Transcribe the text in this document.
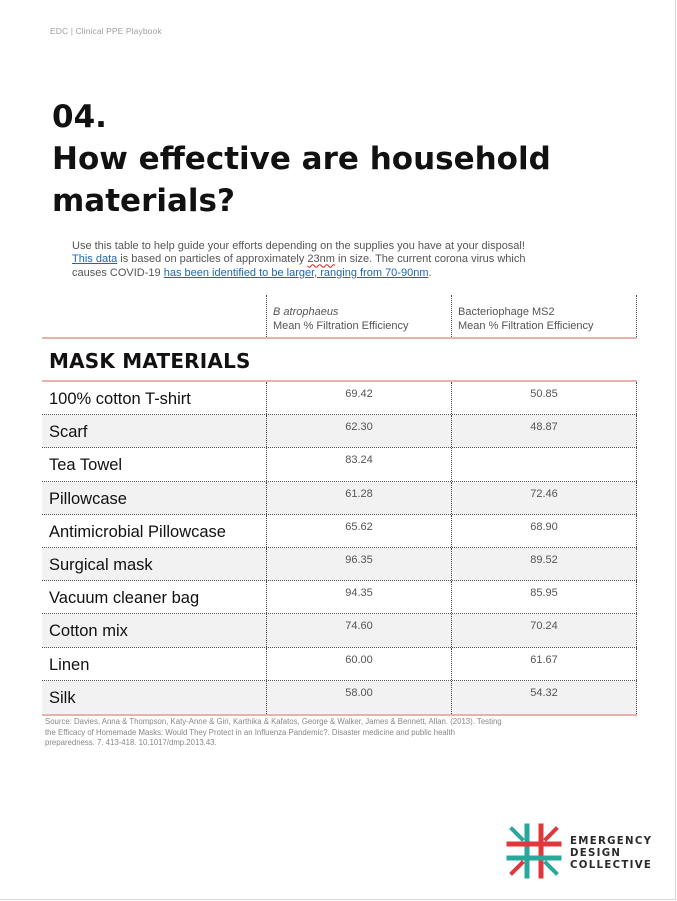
EDC | Clinical PPE Playbook
04.
How effective are household
materials?
Use this table to help guide your efforts depending on the supplies you have at your disposal!
This data is based on particles of approximately 23nm in size. The current corona virus which
causes COVID-19 has been identified to be larger, ranging from 70-90nm.
B atrophaeus
Mean % Filtration Efficiency
Bacteriophage MS2
Mean % Filtration Efficiency
MASK MATERIALS
100% cotton T-shirt	69.42	50.85
Scarf	62.30	48.87
Tea Towel	83.24
Pillowcase	61.28	72.46
Antimicrobial Pillowcase	65.62	68.90
Surgical mask	96.35	89.52
Vacuum cleaner bag	94.35	85.95
Cotton mix	74.60	70.24
Linen	60.00	61.67
Silk	58.00	54.32
Source: Davies, Anna & Thompson, Katy-Anne & Giri, Karthika & Kafatos, George & Walker, James & Bennett, Allan. (2013). Testing
the Efficacy of Homemade Masks: Would They Protect in an Influenza Pandemic?. Disaster medicine and public health
preparedness. 7. 413-418. 10.1017/dmp.2013.43.
EMERGENCY
DESIGN
COLLECTIVE
